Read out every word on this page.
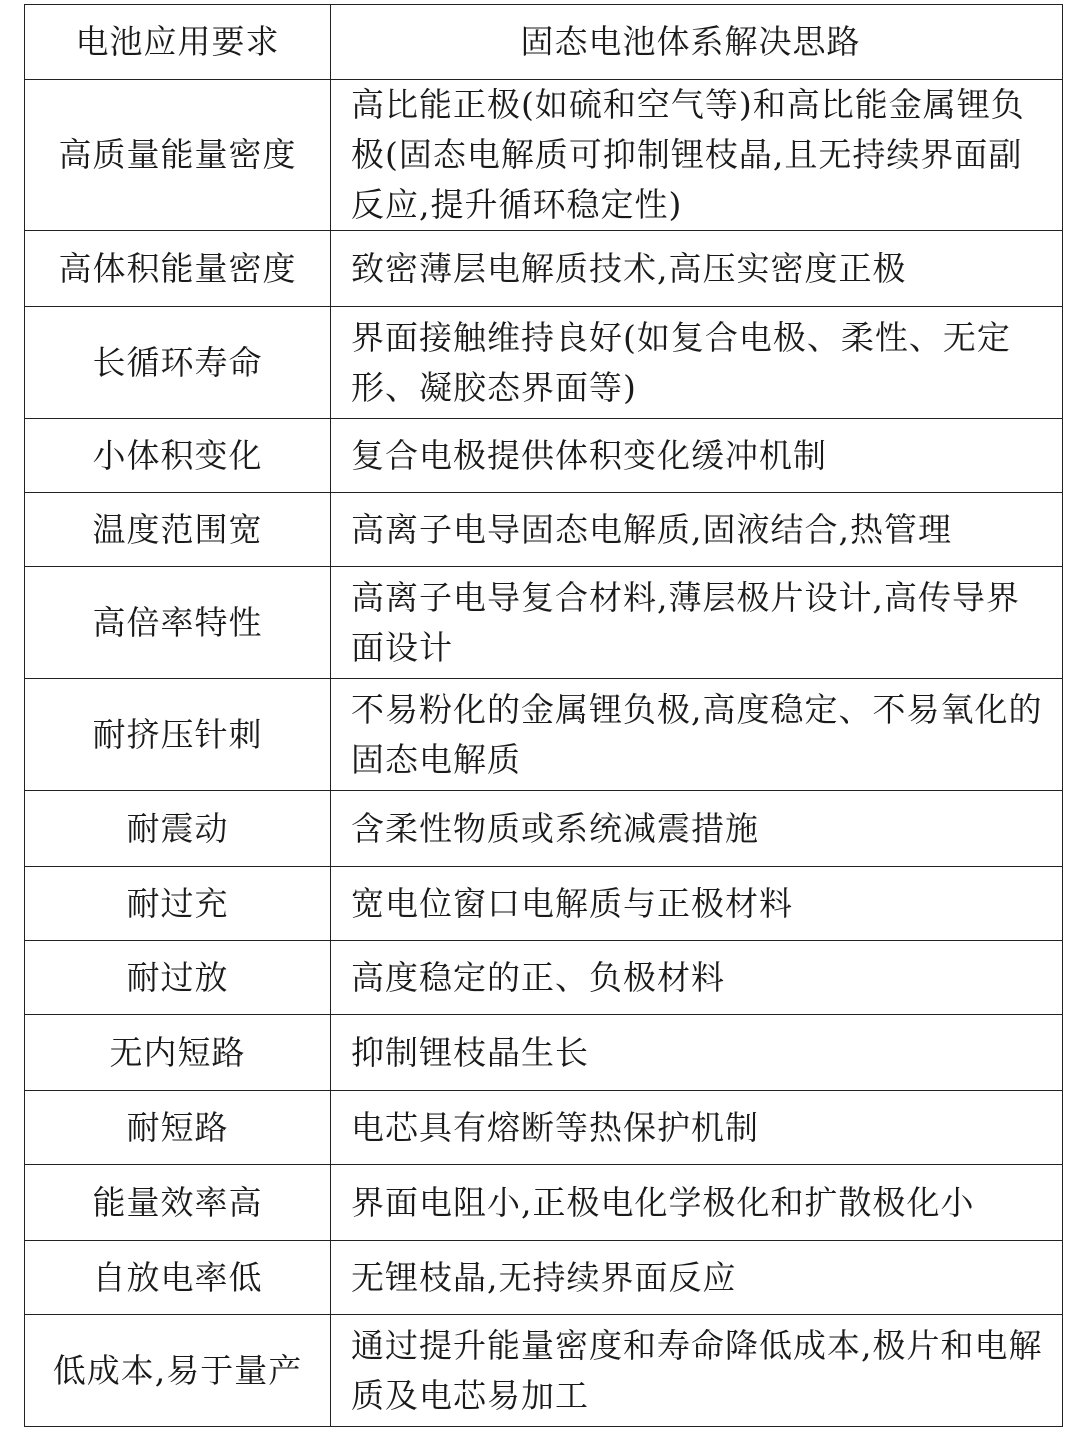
电池应用要求	固态电池体系解决思路
高质量能量密度	高比能正极(如硫和空气等)和高比能金属锂负极(固态电解质可抑制锂枝晶,且无持续界面副反应,提升循环稳定性)
高体积能量密度	致密薄层电解质技术,高压实密度正极
长循环寿命	界面接触维持良好(如复合电极、柔性、无定形、凝胶态界面等)
小体积变化	复合电极提供体积变化缓冲机制
温度范围宽	高离子电导固态电解质,固液结合,热管理
高倍率特性	高离子电导复合材料,薄层极片设计,高传导界面设计
耐挤压针刺	不易粉化的金属锂负极,高度稳定、不易氧化的固态电解质
耐震动	含柔性物质或系统减震措施
耐过充	宽电位窗口电解质与正极材料
耐过放	高度稳定的正、负极材料
无内短路	抑制锂枝晶生长
耐短路	电芯具有熔断等热保护机制
能量效率高	界面电阻小,正极电化学极化和扩散极化小
自放电率低	无锂枝晶,无持续界面反应
低成本,易于量产	通过提升能量密度和寿命降低成本,极片和电解质及电芯易加工
